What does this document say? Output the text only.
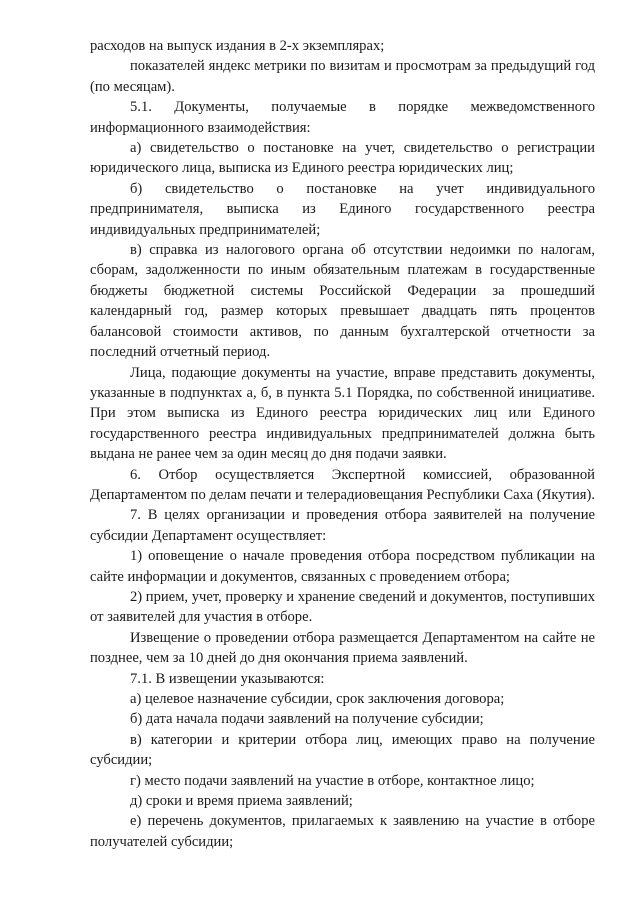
расходов на выпуск издания в 2-х экземплярах;

показателей яндекс метрики по визитам и просмотрам за предыдущий год (по месяцам).

5.1. Документы, получаемые в порядке межведомственного информационного взаимодействия:

а) свидетельство о постановке на учет, свидетельство о регистрации юридического лица, выписка из Единого реестра юридических лиц;

б) свидетельство о постановке на учет индивидуального предпринимателя, выписка из Единого государственного реестра индивидуальных предпринимателей;

в) справка из налогового органа об отсутствии недоимки по налогам, сборам, задолженности по иным обязательным платежам в государственные бюджеты бюджетной системы Российской Федерации за прошедший календарный год, размер которых превышает двадцать пять процентов балансовой стоимости активов, по данным бухгалтерской отчетности за последний отчетный период.

Лица, подающие документы на участие, вправе представить документы, указанные в подпунктах а, б, в пункта 5.1 Порядка, по собственной инициативе. При этом выписка из Единого реестра юридических лиц или Единого государственного реестра индивидуальных предпринимателей должна быть выдана не ранее чем за один месяц до дня подачи заявки.

6. Отбор осуществляется Экспертной комиссией, образованной Департаментом по делам печати и телерадиовещания Республики Саха (Якутия).

7. В целях организации и проведения отбора заявителей на получение субсидии Департамент осуществляет:

1) оповещение о начале проведения отбора посредством публикации на сайте информации и документов, связанных с проведением отбора;

2) прием, учет, проверку и хранение сведений и документов, поступивших от заявителей для участия в отборе.

Извещение о проведении отбора размещается Департаментом на сайте не позднее, чем за 10 дней до дня окончания приема заявлений.

7.1. В извещении указываются:

а) целевое назначение субсидии, срок заключения договора;

б) дата начала подачи заявлений на получение субсидии;

в) категории и критерии отбора лиц, имеющих право на получение субсидии;

г) место подачи заявлений на участие в отборе, контактное лицо;

д) сроки и время приема заявлений;

е) перечень документов, прилагаемых к заявлению на участие в отборе получателей субсидии;
